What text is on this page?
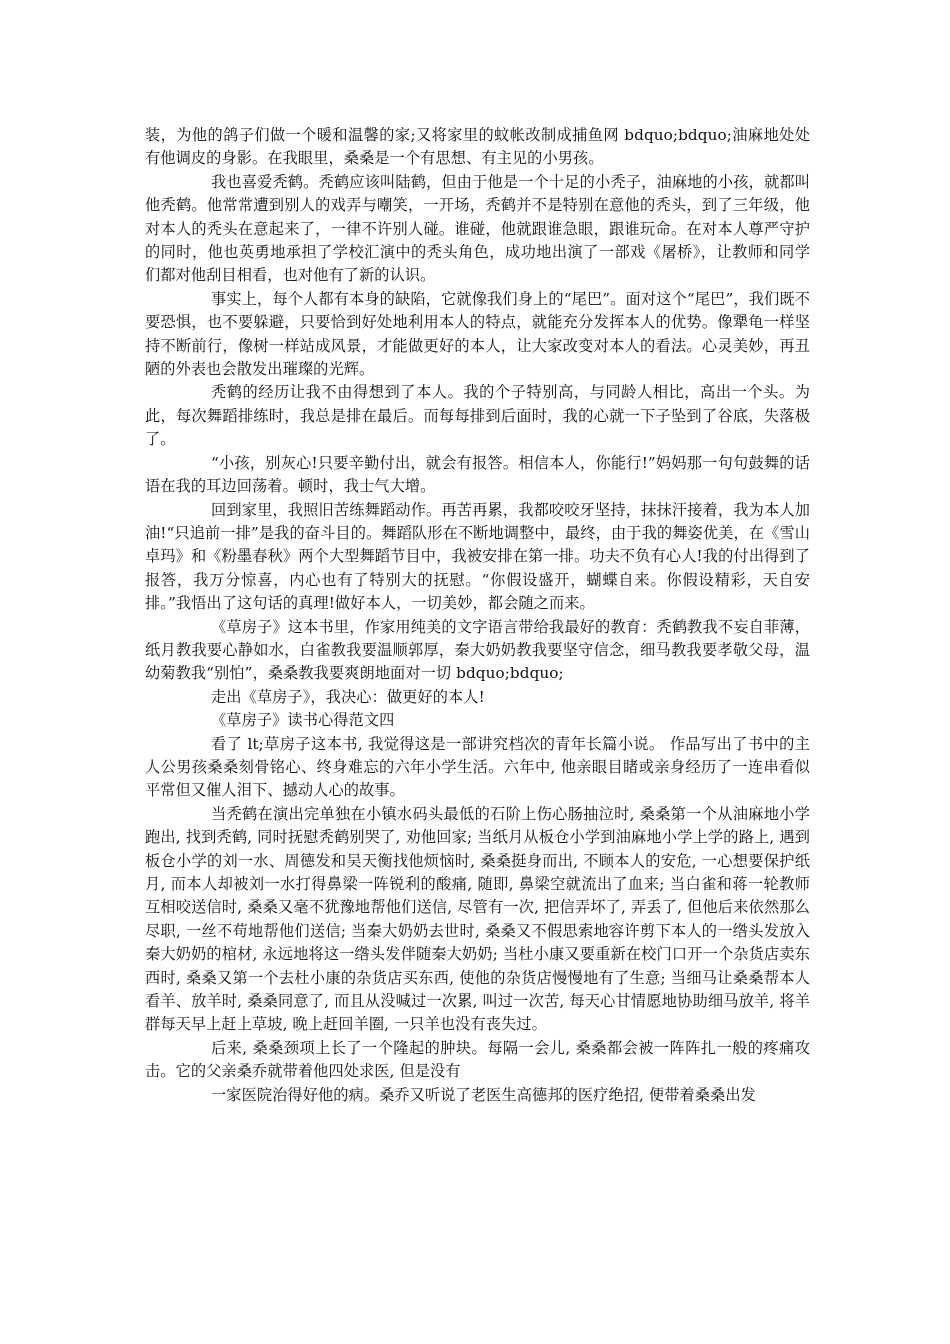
装，为他的鸽子们做一个暖和温馨的家;又将家里的蚊帐改制成捕鱼网 bdquo;bdquo;油麻地处处有他调皮的身影。在我眼里，桑桑是一个有思想、有主见的小男孩。

我也喜爱秃鹤。秃鹤应该叫陆鹤，但由于他是一个十足的小秃子，油麻地的小孩，就都叫他秃鹤。他常常遭到别人的戏弄与嘲笑，一开场，秃鹤并不是特别在意他的秃头，到了三年级，他对本人的秃头在意起来了，一律不许别人碰。谁碰，他就跟谁急眼，跟谁玩命。在对本人尊严守护的同时，他也英勇地承担了学校汇演中的秃头角色，成功地出演了一部戏《屠桥》，让教师和同学们都对他刮目相看，也对他有了新的认识。

事实上，每个人都有本身的缺陷，它就像我们身上的“尾巴”。面对这个“尾巴”，我们既不要恐惧，也不要躲避，只要恰到好处地利用本人的特点，就能充分发挥本人的优势。像犟龟一样坚持不断前行，像树一样站成风景，才能做更好的本人，让大家改变对本人的看法。心灵美妙，再丑陋的外表也会散发出璀璨的光辉。

秃鹤的经历让我不由得想到了本人。我的个子特别高，与同龄人相比，高出一个头。为此，每次舞蹈排练时，我总是排在最后。而每每排到后面时，我的心就一下子坠到了谷底，失落极了。

“小孩，别灰心!只要辛勤付出，就会有报答。相信本人，你能行!”妈妈那一句句鼓舞的话语在我的耳边回荡着。顿时，我士气大增。

回到家里，我照旧苦练舞蹈动作。再苦再累，我都咬咬牙坚持，抹抹汗接着，我为本人加油!“只追前一排”是我的奋斗目的。舞蹈队形在不断地调整中，最终，由于我的舞姿优美，在《雪山卓玛》和《粉墨春秋》两个大型舞蹈节目中，我被安排在第一排。功夫不负有心人!我的付出得到了报答，我万分惊喜，内心也有了特别大的抚慰。“你假设盛开，蝴蝶自来。你假设精彩，天自安排。”我悟出了这句话的真理!做好本人，一切美妙，都会随之而来。

《草房子》这本书里，作家用纯美的文字语言带给我最好的教育：秃鹤教我不妄自菲薄，纸月教我要心静如水，白雀教我要温顺郭厚，秦大奶奶教我要坚守信念，细马教我要孝敬父母，温幼菊教我“别怕”，桑桑教我要爽朗地面对一切 bdquo;bdquo;

走出《草房子》，我决心：做更好的本人!

《草房子》读书心得范文四

看了 lt;草房子这本书, 我觉得这是一部讲究档次的青年长篇小说。 作品写出了书中的主人公男孩桑桑刻骨铭心、终身难忘的六年小学生活。六年中, 他亲眼目睹或亲身经历了一连串看似平常但又催人泪下、撼动人心的故事。

当秃鹤在演出完单独在小镇水码头最低的石阶上伤心肠抽泣时, 桑桑第一个从油麻地小学跑出, 找到秃鹤, 同时抚慰秃鹤别哭了, 劝他回家; 当纸月从板仓小学到油麻地小学上学的路上, 遇到板仓小学的刘一水、周德发和吴天衡找他烦恼时, 桑桑挺身而出, 不顾本人的安危, 一心想要保护纸月, 而本人却被刘一水打得鼻梁一阵锐利的酸痛, 随即, 鼻梁空就流出了血来; 当白雀和蒋一轮教师互相咬送信时, 桑桑又毫不犹豫地帮他们送信, 尽管有一次, 把信弄坏了, 弄丢了, 但他后来依然那么尽职, 一丝不苟地帮他们送信; 当秦大奶奶去世时, 桑桑又不假思索地容许剪下本人的一绺头发放入秦大奶奶的棺材, 永远地将这一绺头发伴随秦大奶奶; 当杜小康又要重新在校门口开一个杂货店卖东西时, 桑桑又第一个去杜小康的杂货店买东西, 使他的杂货店慢慢地有了生意; 当细马让桑桑帮本人看羊、放羊时, 桑桑同意了, 而且从没喊过一次累, 叫过一次苦, 每天心甘情愿地协助细马放羊, 将羊群每天早上赶上草坡, 晚上赶回羊圈, 一只羊也没有丧失过。

后来, 桑桑颈项上长了一个隆起的肿块。每隔一会儿, 桑桑都会被一阵阵扎一般的疼痛攻击。它的父亲桑乔就带着他四处求医, 但是没有

一家医院治得好他的病。桑乔又听说了老医生高德邦的医疗绝招, 便带着桑桑出发
